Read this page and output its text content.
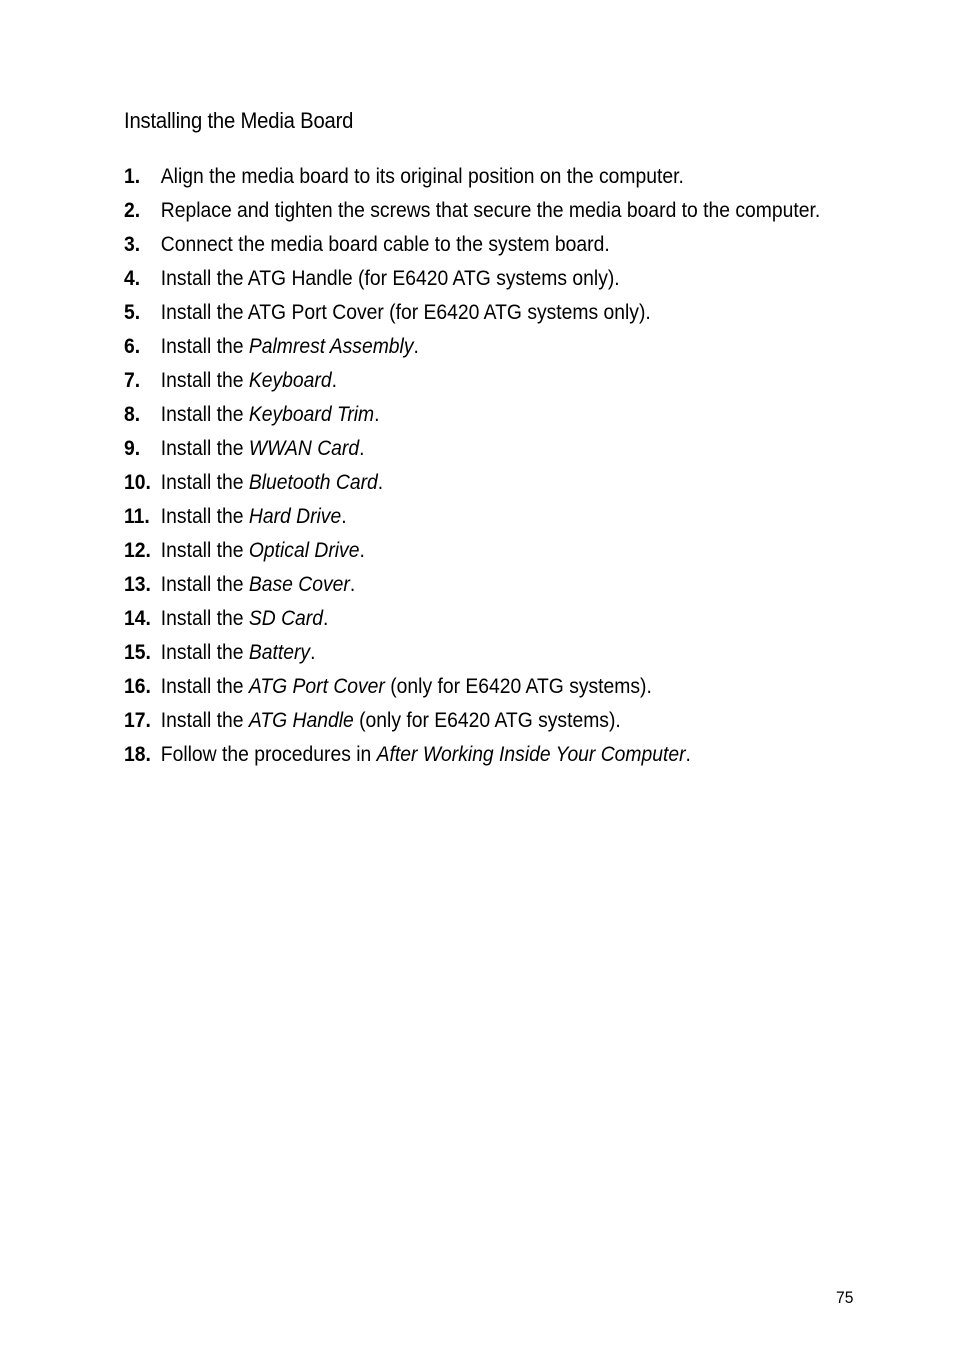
Installing the Media Board
1. Align the media board to its original position on the computer.
2. Replace and tighten the screws that secure the media board to the computer.
3. Connect the media board cable to the system board.
4. Install the ATG Handle (for E6420 ATG systems only).
5. Install the ATG Port Cover (for E6420 ATG systems only).
6. Install the Palmrest Assembly.
7. Install the Keyboard.
8. Install the Keyboard Trim.
9. Install the WWAN Card.
10. Install the Bluetooth Card.
11. Install the Hard Drive.
12. Install the Optical Drive.
13. Install the Base Cover.
14. Install the SD Card.
15. Install the Battery.
16. Install the ATG Port Cover (only for E6420 ATG systems).
17. Install the ATG Handle (only for E6420 ATG systems).
18. Follow the procedures in After Working Inside Your Computer.
75
